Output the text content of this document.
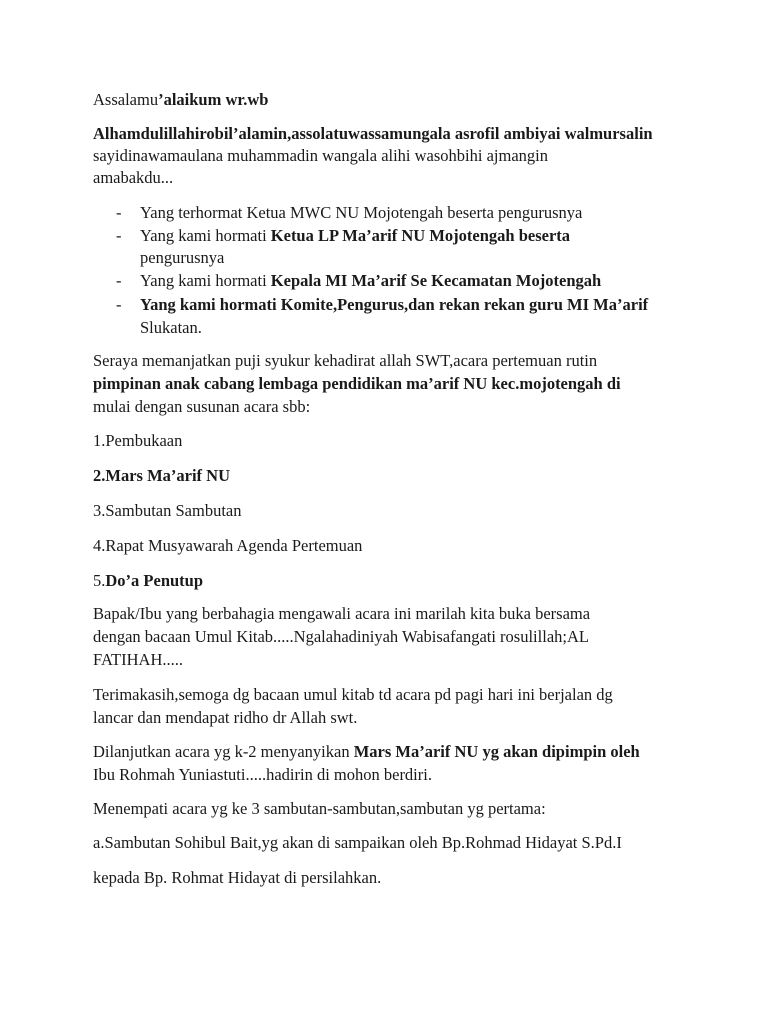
Assalamu’alaikum wr.wb
Alhamdulillahirobil’alamin,assolatuwassamungala asrofil ambiyai walmursalin
sayidinawamaulana muhammadin wangala alihi wasohbihi ajmangin
amabakdu...
- Yang terhormat Ketua MWC NU Mojotengah beserta pengurusnya
- Yang kami hormati Ketua LP Ma’arif NU Mojotengah beserta
pengurusnya
- Yang kami hormati Kepala MI Ma’arif Se Kecamatan Mojotengah
- Yang kami hormati Komite,Pengurus,dan rekan rekan guru MI Ma’arif
Slukatan.
Seraya memanjatkan puji syukur kehadirat allah SWT,acara pertemuan rutin
pimpinan anak cabang lembaga pendidikan ma’arif NU kec.mojotengah di
mulai dengan susunan acara sbb:
1.Pembukaan
2.Mars Ma’arif NU
3.Sambutan Sambutan
4.Rapat Musyawarah Agenda Pertemuan
5.Do’a Penutup
Bapak/Ibu yang berbahagia mengawali acara ini marilah kita buka bersama
dengan bacaan Umul Kitab.....Ngalahadiniyah Wabisafangati rosulillah;AL
FATIHAH.....
Terimakasih,semoga dg bacaan umul kitab td acara pd pagi hari ini berjalan dg
lancar dan mendapat ridho dr Allah swt.
Dilanjutkan acara yg k-2 menyanyikan Mars Ma’arif NU yg akan dipimpin oleh
Ibu Rohmah Yuniastuti.....hadirin di mohon berdiri.
Menempati acara yg ke 3 sambutan-sambutan,sambutan yg pertama:
a.Sambutan Sohibul Bait,yg akan di sampaikan oleh Bp.Rohmad Hidayat S.Pd.I
kepada Bp. Rohmat Hidayat di persilahkan.
